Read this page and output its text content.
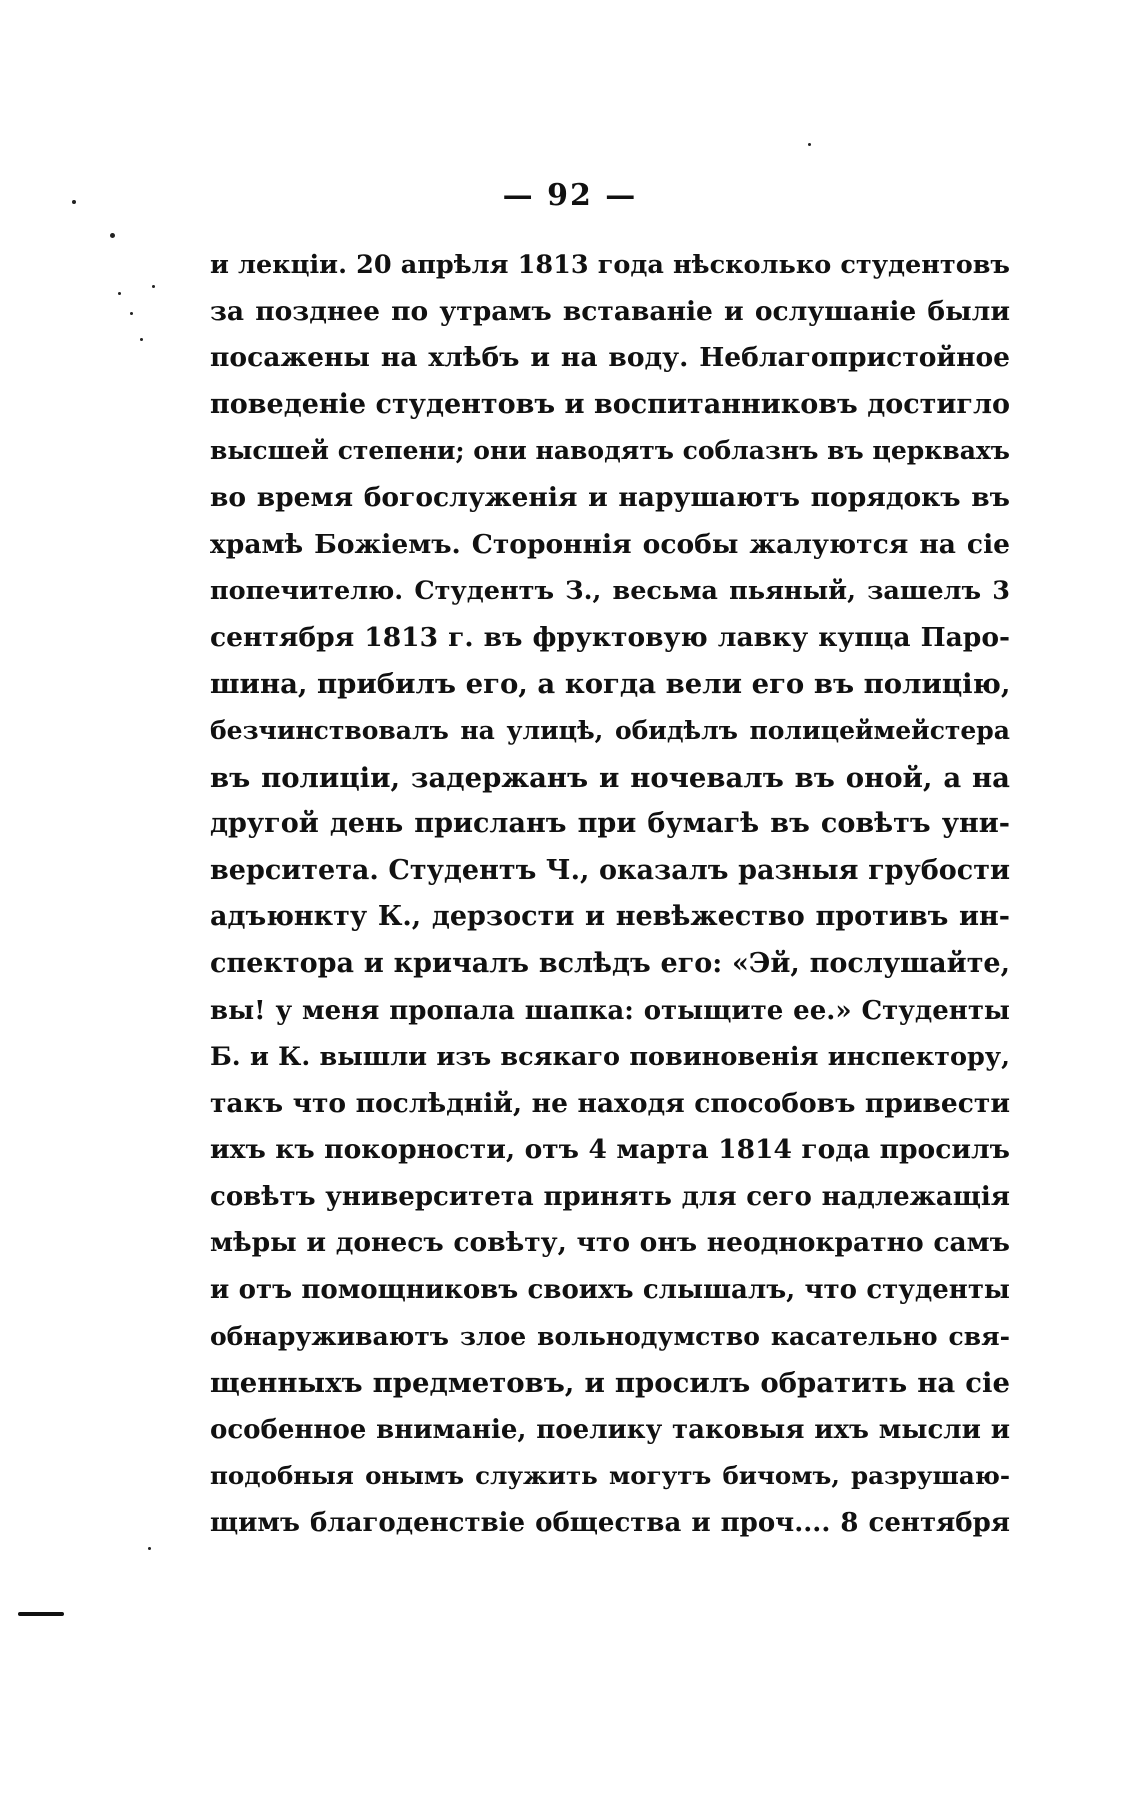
— 92 —
и лекціи. 20 апрѣля 1813 года нѣсколько студентовъ
за позднее по утрамъ вставаніе и ослушаніе были
посажены на хлѣбъ и на воду. Неблагопристойное
поведеніе студентовъ и воспитанниковъ достигло
высшей степени; они наводятъ соблазнъ въ церквахъ
во время богослуженія и нарушаютъ порядокъ въ
храмѣ Божіемъ. Стороннія особы жалуются на сіе
попечителю. Студентъ З., весьма пьяный, зашелъ 3
сентября 1813 г. въ фруктовую лавку купца Паро-
шина, прибилъ его, а когда вели его въ полицію,
безчинствовалъ на улицѣ, обидѣлъ полицеймейстера
въ полиціи, задержанъ и ночевалъ въ оной, а на
другой день присланъ при бумагѣ въ совѣтъ уни-
верситета. Студентъ Ч., оказалъ разныя грубости
адъюнкту К., дерзости и невѣжество противъ ин-
спектора и кричалъ вслѣдъ его: «Эй, послушайте,
вы! у меня пропала шапка: отыщите ее.» Студенты
Б. и К. вышли изъ всякаго повиновенія инспектору,
такъ что послѣдній, не находя способовъ привести
ихъ къ покорности, отъ 4 марта 1814 года просилъ
совѣтъ университета принять для сего надлежащія
мѣры и донесъ совѣту, что онъ неоднократно самъ
и отъ помощниковъ своихъ слышалъ, что студенты
обнаруживаютъ злое вольнодумство касательно свя-
щенныхъ предметовъ, и просилъ обратить на сіе
особенное вниманіе, поелику таковыя ихъ мысли и
подобныя онымъ служить могутъ бичомъ, разрушаю-
щимъ благоденствіе общества и проч.... 8 сентября
